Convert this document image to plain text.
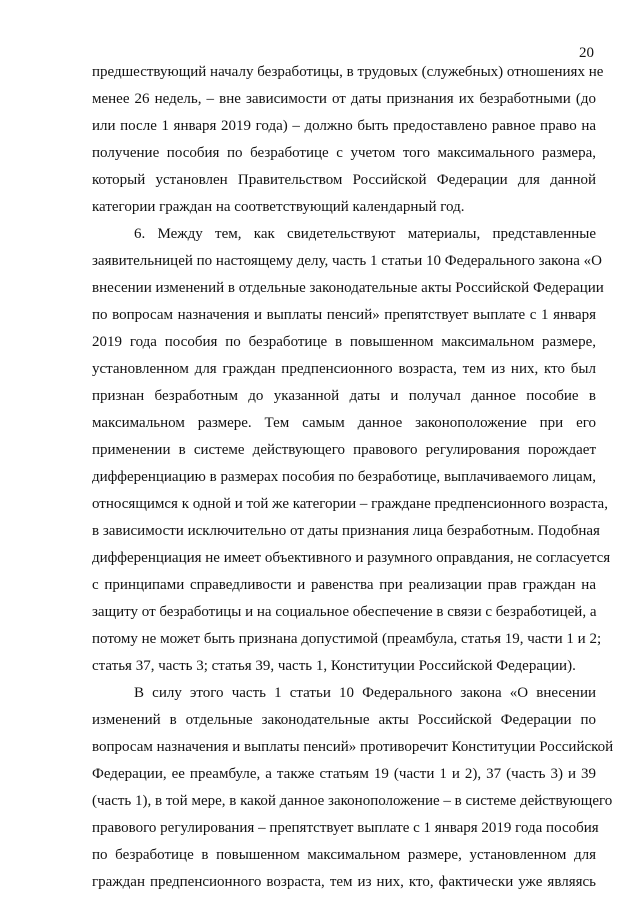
20
предшествующий началу безработицы, в трудовых (служебных) отношениях не
менее 26 недель, – вне зависимости от даты признания их безработными (до
или после 1 января 2019 года) – должно быть предоставлено равное право на
получение пособия по безработице с учетом того максимального размера,
который установлен Правительством Российской Федерации для данной
категории граждан на соответствующий календарный год.
6. Между тем, как свидетельствуют материалы, представленные
заявительницей по настоящему делу, часть 1 статьи 10 Федерального закона «О
внесении изменений в отдельные законодательные акты Российской Федерации
по вопросам назначения и выплаты пенсий» препятствует выплате с 1 января
2019 года пособия по безработице в повышенном максимальном размере,
установленном для граждан предпенсионного возраста, тем из них, кто был
признан безработным до указанной даты и получал данное пособие в
максимальном размере. Тем самым данное законоположение при его
применении в системе действующего правового регулирования порождает
дифференциацию в размерах пособия по безработице, выплачиваемого лицам,
относящимся к одной и той же категории – граждане предпенсионного возраста,
в зависимости исключительно от даты признания лица безработным. Подобная
дифференциация не имеет объективного и разумного оправдания, не согласуется
с принципами справедливости и равенства при реализации прав граждан на
защиту от безработицы и на социальное обеспечение в связи с безработицей, а
потому не может быть признана допустимой (преамбула, статья 19, части 1 и 2;
статья 37, часть 3; статья 39, часть 1, Конституции Российской Федерации).
В силу этого часть 1 статьи 10 Федерального закона «О внесении
изменений в отдельные законодательные акты Российской Федерации по
вопросам назначения и выплаты пенсий» противоречит Конституции Российской
Федерации, ее преамбуле, а также статьям 19 (части 1 и 2), 37 (часть 3) и 39
(часть 1), в той мере, в какой данное законоположение – в системе действующего
правового регулирования – препятствует выплате с 1 января 2019 года пособия
по безработице в повышенном максимальном размере, установленном для
граждан предпенсионного возраста, тем из них, кто, фактически уже являясь
